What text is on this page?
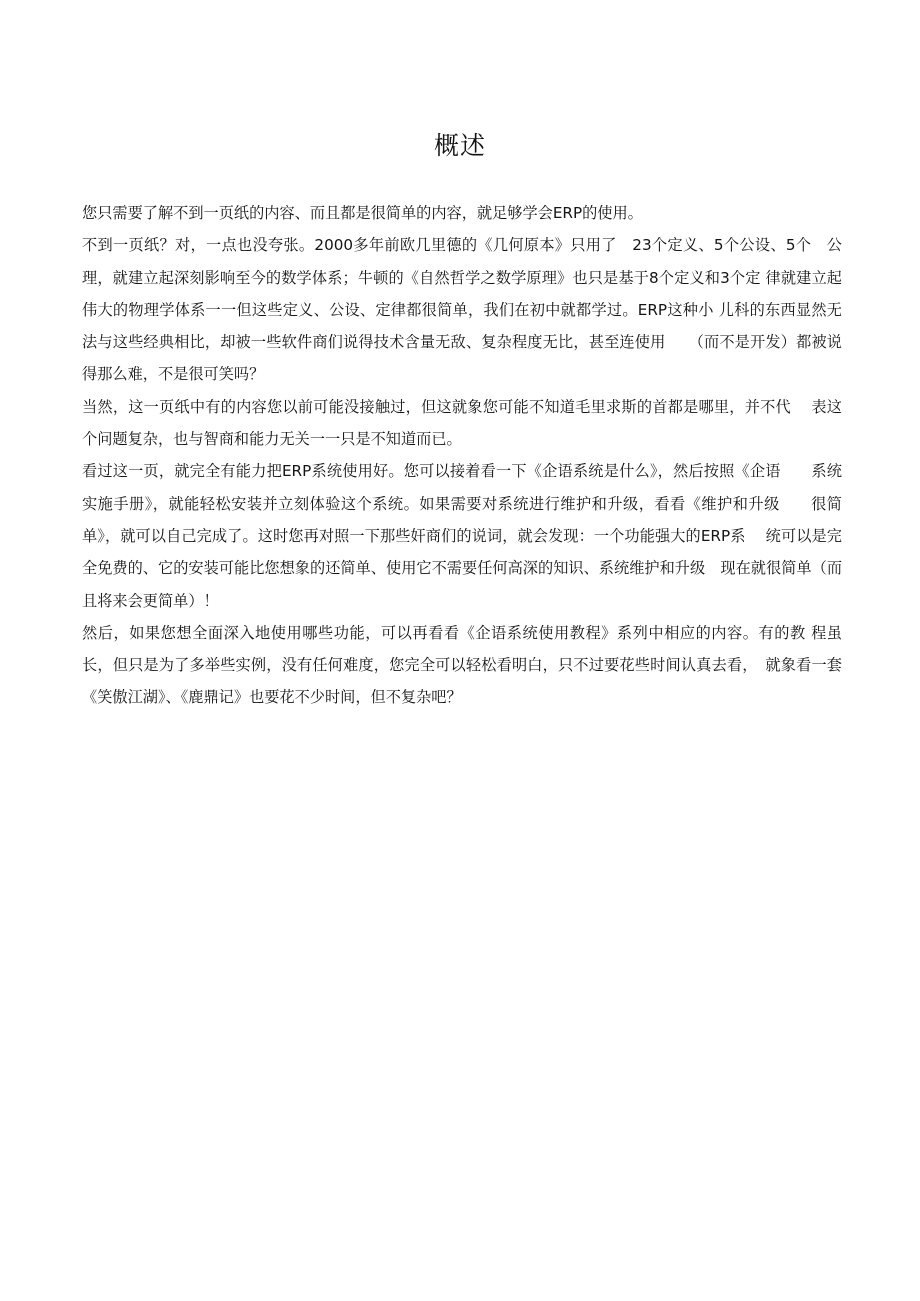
概述

您只需要了解不到一页纸的内容、而且都是很简单的内容，就足够学会ERP的使用。

不到一页纸？对，一点也没夸张。2000多年前欧几里德的《几何原本》只用了　23个定义、5个公设、5个　公理，就建立起深刻影响至今的数学体系；牛顿的《自然哲学之数学原理》也只是基于8个定义和3个定 律就建立起伟大的物理学体系一一但这些定义、公设、定律都很简单，我们在初中就都学过。ERP这种小 儿科的东西显然无法与这些经典相比，却被一些软件商们说得技术含量无敌、复杂程度无比，甚至连使用　　（而不是开发）都被说得那么难，不是很可笑吗？

当然，这一页纸中有的内容您以前可能没接触过，但这就象您可能不知道毛里求斯的首都是哪里，并不代　 表这个问题复杂，也与智商和能力无关一一只是不知道而已。

看过这一页，就完全有能力把ERP系统使用好。您可以接着看一下《企语系统是什么》，然后按照《企语　　系统实施手册》，就能轻松安装并立刻体验这个系统。如果需要对系统进行维护和升级，看看《维护和升级　　很简单》，就可以自己完成了。这时您再对照一下那些奸商们的说词，就会发现：一个功能强大的ERP系　 统可以是完全免费的、它的安装可能比您想象的还简单、使用它不需要任何高深的知识、系统维护和升级　现在就很简单（而且将来会更简单）！

然后，如果您想全面深入地使用哪些功能，可以再看看《企语系统使用教程》系列中相应的内容。有的教 程虽长，但只是为了多举些实例，没有任何难度，您完全可以轻松看明白，只不过要花些时间认真去看，　就象看一套《笑傲江湖》、《鹿鼎记》也要花不少时间，但不复杂吧？
